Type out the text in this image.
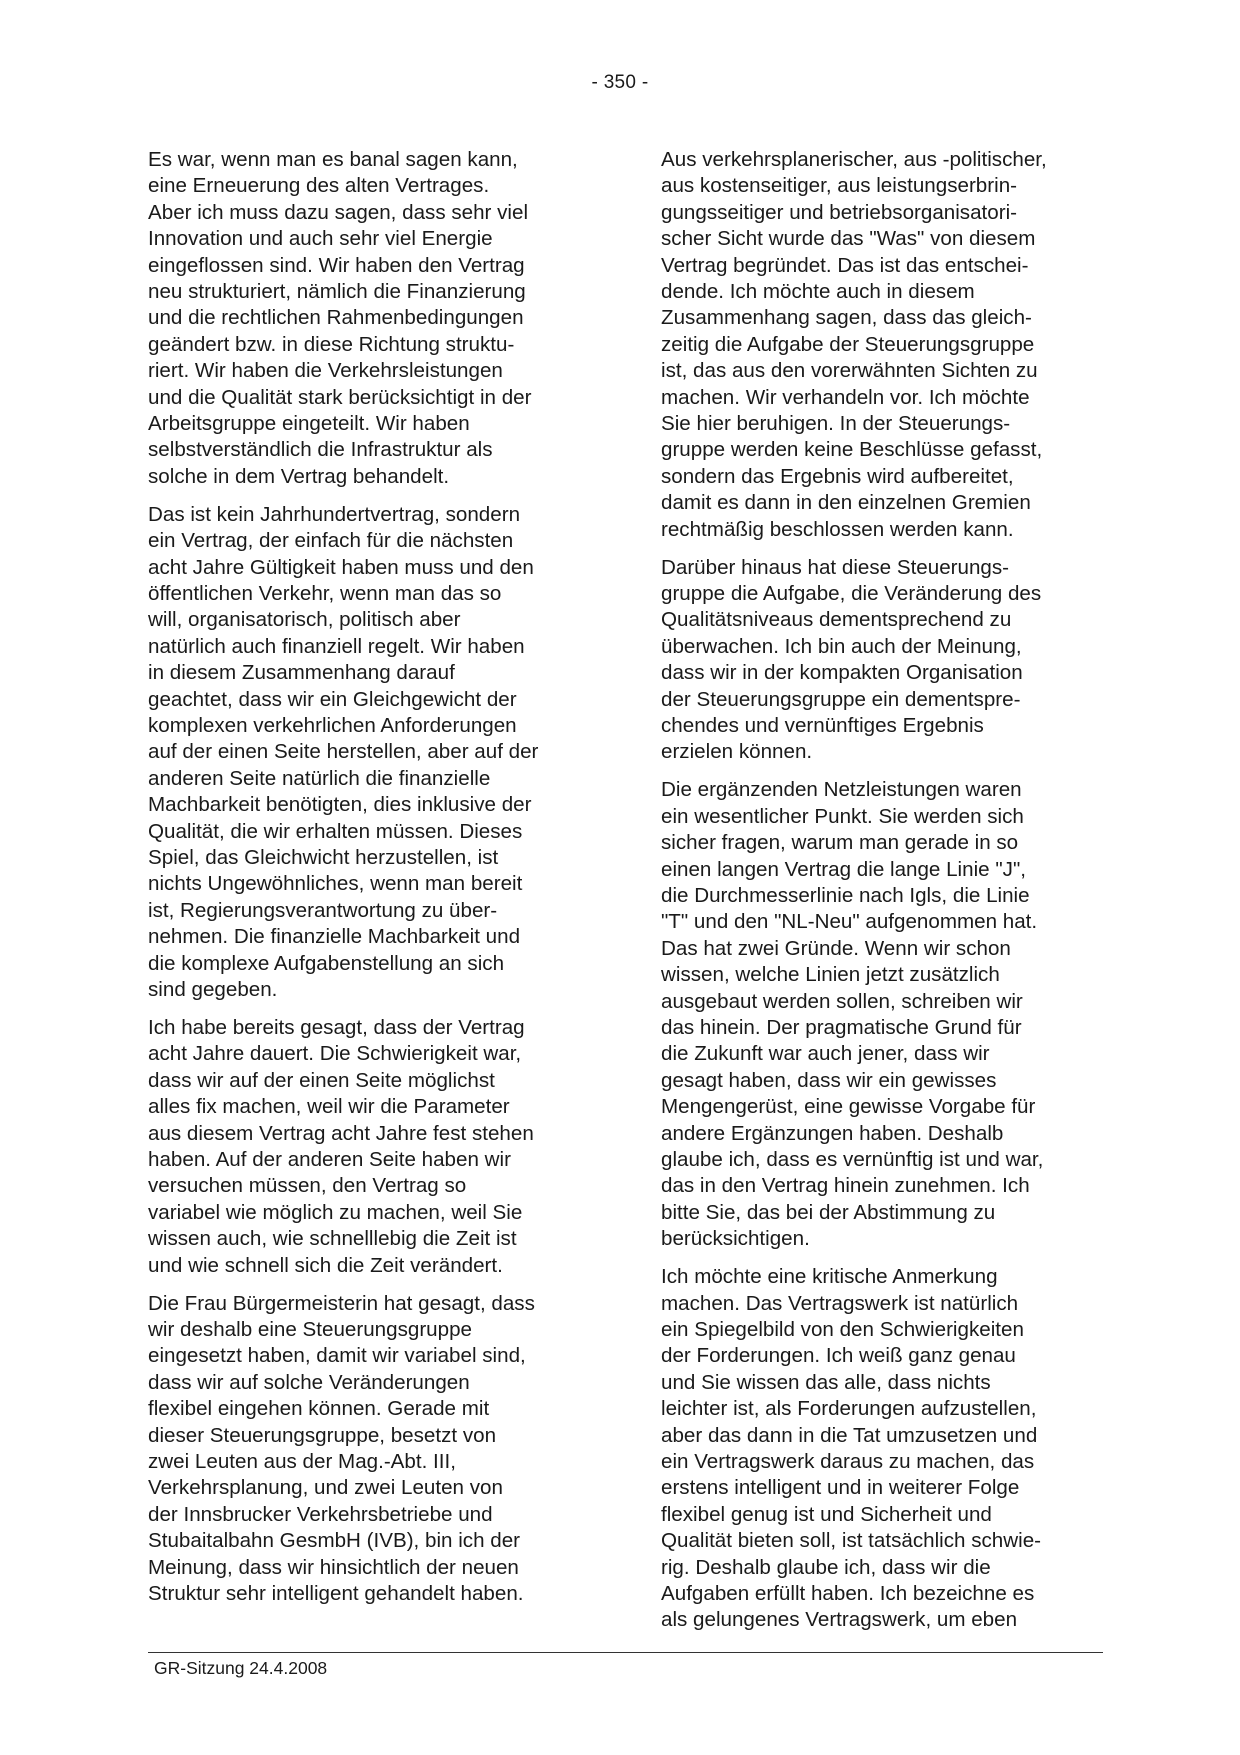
- 350 -
Es war, wenn man es banal sagen kann,
eine Erneuerung des alten Vertrages.
Aber ich muss dazu sagen, dass sehr viel
Innovation und auch sehr viel Energie
eingeflossen sind. Wir haben den Vertrag
neu strukturiert, nämlich die Finanzierung
und die rechtlichen Rahmenbedingungen
geändert bzw. in diese Richtung struktu-
riert. Wir haben die Verkehrsleistungen
und die Qualität stark berücksichtigt in der
Arbeitsgruppe eingeteilt. Wir haben
selbstverständlich die Infrastruktur als
solche in dem Vertrag behandelt.
Das ist kein Jahrhundertvertrag, sondern
ein Vertrag, der einfach für die nächsten
acht Jahre Gültigkeit haben muss und den
öffentlichen Verkehr, wenn man das so
will, organisatorisch, politisch aber
natürlich auch finanziell regelt. Wir haben
in diesem Zusammenhang darauf
geachtet, dass wir ein Gleichgewicht der
komplexen verkehrlichen Anforderungen
auf der einen Seite herstellen, aber auf der
anderen Seite natürlich die finanzielle
Machbarkeit benötigten, dies inklusive der
Qualität, die wir erhalten müssen. Dieses
Spiel, das Gleichwicht herzustellen, ist
nichts Ungewöhnliches, wenn man bereit
ist, Regierungsverantwortung zu über-
nehmen. Die finanzielle Machbarkeit und
die komplexe Aufgabenstellung an sich
sind gegeben.
Ich habe bereits gesagt, dass der Vertrag
acht Jahre dauert. Die Schwierigkeit war,
dass wir auf der einen Seite möglichst
alles fix machen, weil wir die Parameter
aus diesem Vertrag acht Jahre fest stehen
haben. Auf der anderen Seite haben wir
versuchen müssen, den Vertrag so
variabel wie möglich zu machen, weil Sie
wissen auch, wie schnelllebig die Zeit ist
und wie schnell sich die Zeit verändert.
Die Frau Bürgermeisterin hat gesagt, dass
wir deshalb eine Steuerungsgruppe
eingesetzt haben, damit wir variabel sind,
dass wir auf solche Veränderungen
flexibel eingehen können. Gerade mit
dieser Steuerungsgruppe, besetzt von
zwei Leuten aus der Mag.-Abt. III,
Verkehrsplanung, und zwei Leuten von
der Innsbrucker Verkehrsbetriebe und
Stubaitalbahn GesmbH (IVB), bin ich der
Meinung, dass wir hinsichtlich der neuen
Struktur sehr intelligent gehandelt haben.
Aus verkehrsplanerischer, aus -politischer,
aus kostenseitiger, aus leistungserbrin-
gungsseitiger und betriebsorganisatori-
scher Sicht wurde das "Was" von diesem
Vertrag begründet. Das ist das entschei-
dende. Ich möchte auch in diesem
Zusammenhang sagen, dass das gleich-
zeitig die Aufgabe der Steuerungsgruppe
ist, das aus den vorerwähnten Sichten zu
machen. Wir verhandeln vor. Ich möchte
Sie hier beruhigen. In der Steuerungs-
gruppe werden keine Beschlüsse gefasst,
sondern das Ergebnis wird aufbereitet,
damit es dann in den einzelnen Gremien
rechtmäßig beschlossen werden kann.
Darüber hinaus hat diese Steuerungs-
gruppe die Aufgabe, die Veränderung des
Qualitätsniveaus dementsprechend zu
überwachen. Ich bin auch der Meinung,
dass wir in der kompakten Organisation
der Steuerungsgruppe ein dementspre-
chendes und vernünftiges Ergebnis
erzielen können.
Die ergänzenden Netzleistungen waren
ein wesentlicher Punkt. Sie werden sich
sicher fragen, warum man gerade in so
einen langen Vertrag die lange Linie "J",
die Durchmesserlinie nach Igls, die Linie
"T" und den "NL-Neu" aufgenommen hat.
Das hat zwei Gründe. Wenn wir schon
wissen, welche Linien jetzt zusätzlich
ausgebaut werden sollen, schreiben wir
das hinein. Der pragmatische Grund für
die Zukunft war auch jener, dass wir
gesagt haben, dass wir ein gewisses
Mengengerüst, eine gewisse Vorgabe für
andere Ergänzungen haben. Deshalb
glaube ich, dass es vernünftig ist und war,
das in den Vertrag hinein zunehmen. Ich
bitte Sie, das bei der Abstimmung zu
berücksichtigen.
Ich möchte eine kritische Anmerkung
machen. Das Vertragswerk ist natürlich
ein Spiegelbild von den Schwierigkeiten
der Forderungen. Ich weiß ganz genau
und Sie wissen das alle, dass nichts
leichter ist, als Forderungen aufzustellen,
aber das dann in die Tat umzusetzen und
ein Vertragswerk daraus zu machen, das
erstens intelligent und in weiterer Folge
flexibel genug ist und Sicherheit und
Qualität bieten soll, ist tatsächlich schwie-
rig. Deshalb glaube ich, dass wir die
Aufgaben erfüllt haben. Ich bezeichne es
als gelungenes Vertragswerk, um eben
GR-Sitzung 24.4.2008
